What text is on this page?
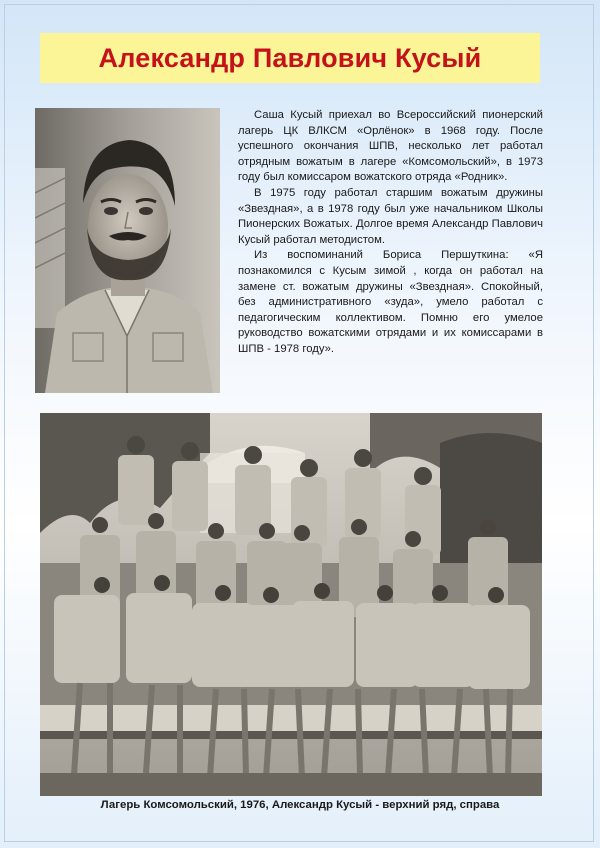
Александр Павлович Кусый

Саша Кусый приехал во Всероссийский пионерский лагерь ЦК ВЛКСМ «Орлёнок» в 1968 году. После успешного окончания ШПВ, несколько лет работал отрядным вожатым в лагере «Комсомольский», в 1973 году был комиссаром вожатского отряда «Родник».

В 1975 году работал старшим вожатым дружины «Звездная», а в 1978 году был уже начальником Школы Пионерских Вожатых. Долгое время Александр Павлович Кусый работал методистом.

Из воспоминаний Бориса Першуткина: «Я познакомился с Кусым зимой , когда он работал на замене ст. вожатым дружины «Звездная». Спокойный, без административного «зуда», умело работал с педагогическим коллективом. Помню его умелое руководство вожатскими отрядами и их комиссарами в ШПВ - 1978 году».

Лагерь Комсомольский, 1976, Александр Кусый - верхний ряд, справа
